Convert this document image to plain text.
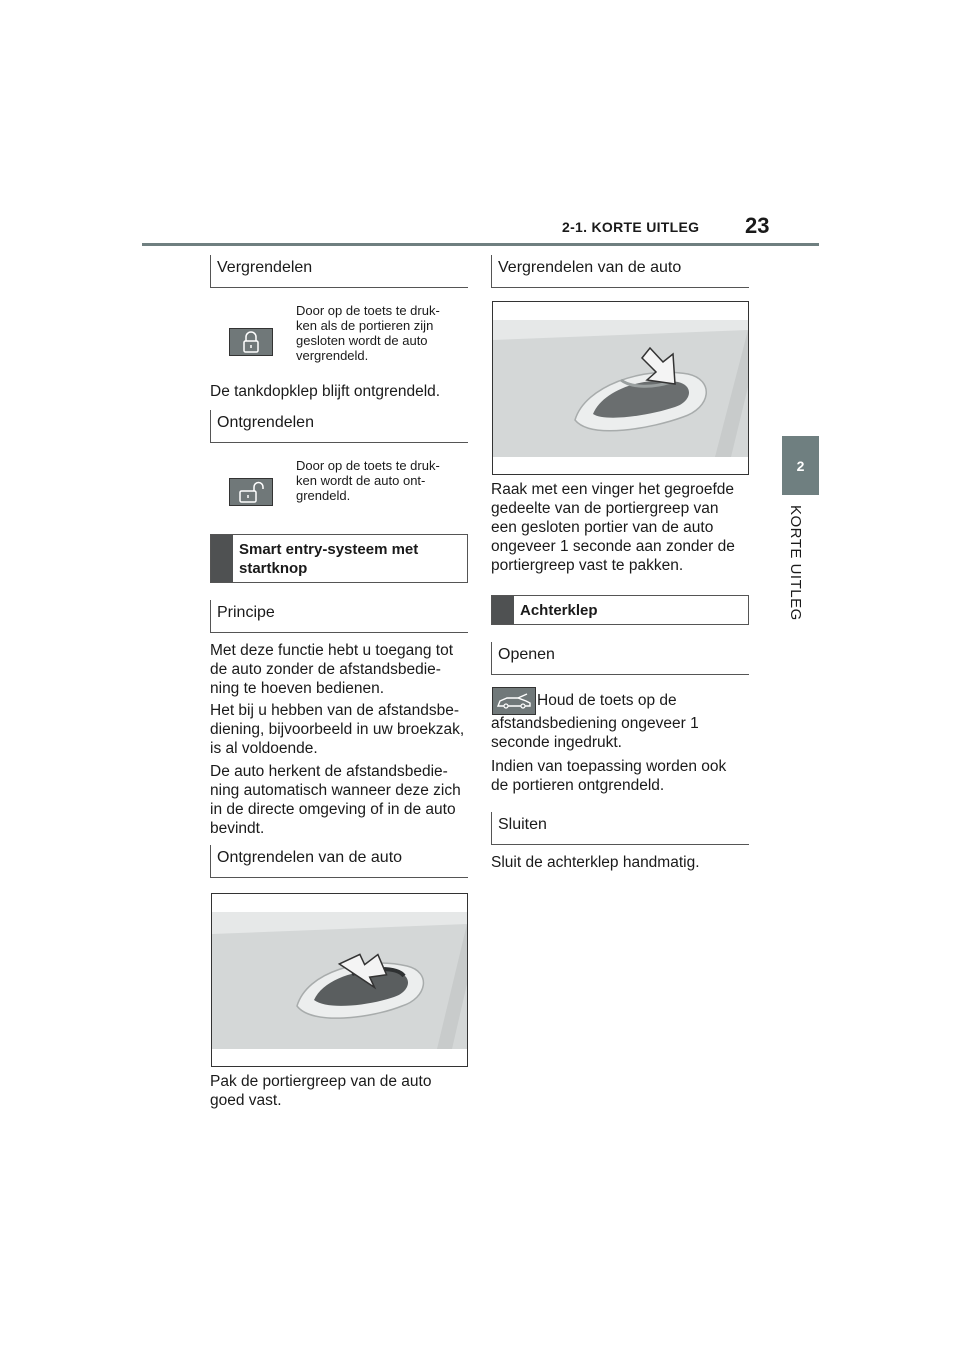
2-1. KORTE UITLEG 23
2
KORTE UITLEG
Vergrendelen
Door op de toets te druk-
ken als de portieren zijn
gesloten wordt de auto
vergrendeld.
De tankdopklep blijft ontgrendeld.
Ontgrendelen
Door op de toets te druk-
ken wordt de auto ont-
grendeld.
Smart entry-systeem met
startknop
Principe
Met deze functie hebt u toegang tot
de auto zonder de afstandsbedie-
ning te hoeven bedienen.
Het bij u hebben van de afstandsbe-
diening, bijvoorbeeld in uw broekzak,
is al voldoende.
De auto herkent de afstandsbedie-
ning automatisch wanneer deze zich
in de directe omgeving of in de auto
bevindt.
Ontgrendelen van de auto
Pak de portiergreep van de auto
goed vast.
Vergrendelen van de auto
Raak met een vinger het gegroefde
gedeelte van de portiergreep van
een gesloten portier van de auto
ongeveer 1 seconde aan zonder de
portiergreep vast te pakken.
Achterklep
Openen
Houd de toets op de
afstandsbediening ongeveer 1
seconde ingedrukt.
Indien van toepassing worden ook
de portieren ontgrendeld.
Sluiten
Sluit de achterklep handmatig.
